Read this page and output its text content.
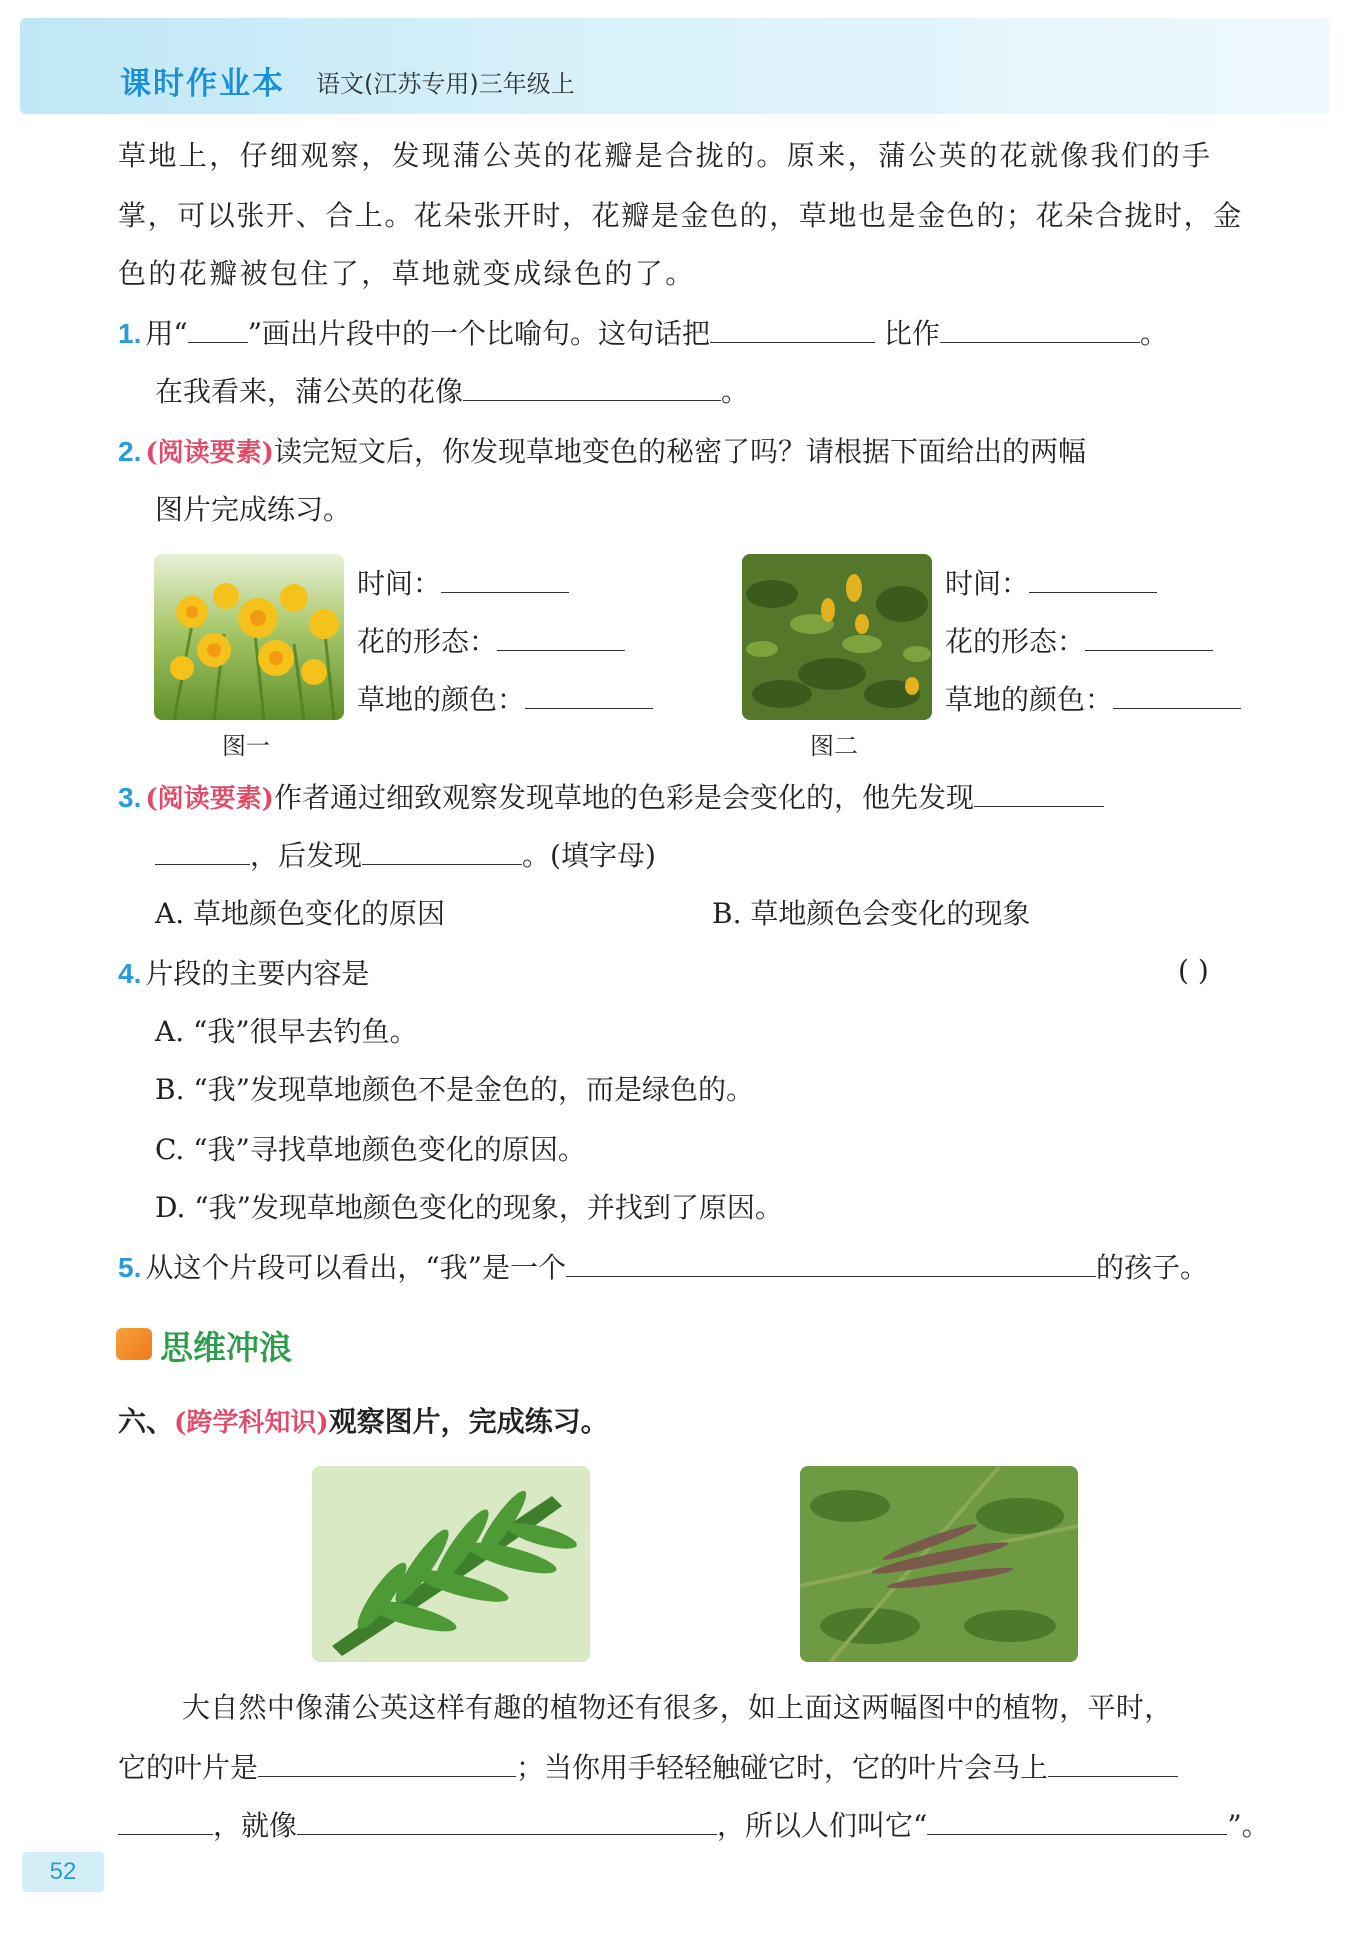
课时作业本 语文(江苏专用)三年级上
草地上，仔细观察，发现蒲公英的花瓣是合拢的。原来，蒲公英的花就像我们的手
掌，可以张开、合上。花朵张开时，花瓣是金色的，草地也是金色的；花朵合拢时，金
色的花瓣被包住了，草地就变成绿色的了。
1. 用“ ”画出片段中的一个比喻句。这句话把	比作	。
在我看来，蒲公英的花像	。
2. (阅读要素)读完短文后，你发现草地变色的秘密了吗？请根据下面给出的两幅
图片完成练习。
时间：
花的形态：
草地的颜色：
图一
时间：
花的形态：
草地的颜色：
图二
3. (阅读要素)作者通过细致观察发现草地的色彩是会变化的，他先发现
，后发现	。(填字母)
A. 草地颜色变化的原因	B. 草地颜色会变化的现象
4. 片段的主要内容是	( )
A. “我”很早去钓鱼。
B. “我”发现草地颜色不是金色的，而是绿色的。
C. “我”寻找草地颜色变化的原因。
D. “我”发现草地颜色变化的现象，并找到了原因。
5. 从这个片段可以看出，“我”是一个	的孩子。
思维冲浪
六、(跨学科知识)观察图片，完成练习。
大自然中像蒲公英这样有趣的植物还有很多，如上面这两幅图中的植物，平时，
它的叶片是	；当你用手轻轻触碰它时，它的叶片会马上
，就像	，所以人们叫它“	”。
52
